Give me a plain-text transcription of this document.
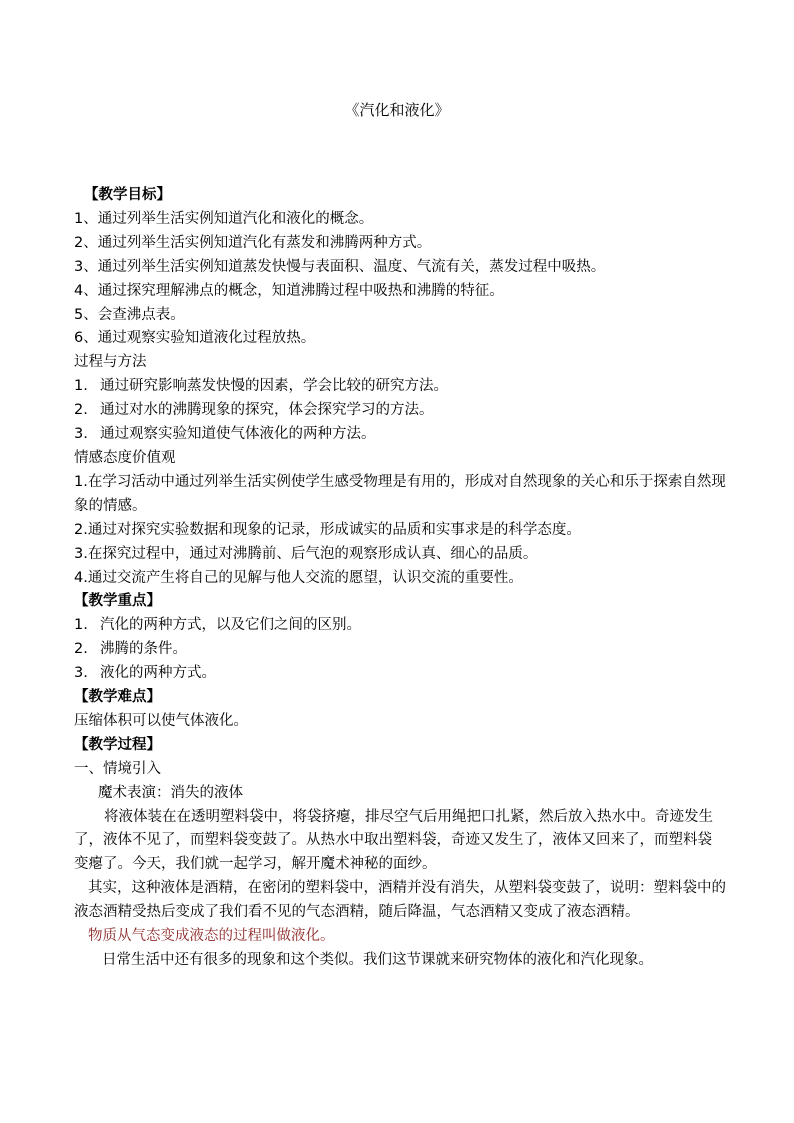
《汽化和液化》
【教学目标】
1、通过列举生活实例知道汽化和液化的概念。
2、通过列举生活实例知道汽化有蒸发和沸腾两种方式。
3、通过列举生活实例知道蒸发快慢与表面积、温度、气流有关，蒸发过程中吸热。
4、通过探究理解沸点的概念，知道沸腾过程中吸热和沸腾的特征。
5、会查沸点表。
6、通过观察实验知道液化过程放热。
过程与方法
1. 通过研究影响蒸发快慢的因素，学会比较的研究方法。
2. 通过对水的沸腾现象的探究，体会探究学习的方法。
3. 通过观察实验知道使气体液化的两种方法。
情感态度价值观
1.在学习活动中通过列举生活实例使学生感受物理是有用的，形成对自然现象的关心和乐于探索自然现象的情感。
2.通过对探究实验数据和现象的记录，形成诚实的品质和实事求是的科学态度。
3.在探究过程中，通过对沸腾前、后气泡的观察形成认真、细心的品质。
4.通过交流产生将自己的见解与他人交流的愿望，认识交流的重要性。
【教学重点】
1. 汽化的两种方式，以及它们之间的区别。
2. 沸腾的条件。
3. 液化的两种方式。
【教学难点】
压缩体积可以使气体液化。
【教学过程】
一、情境引入
魔术表演：消失的液体
将液体装在在透明塑料袋中，将袋挤瘪，排尽空气后用绳把口扎紧，然后放入热水中。奇迹发生了，液体不见了，而塑料袋变鼓了。从热水中取出塑料袋，奇迹又发生了，液体又回来了，而塑料袋变瘪了。今天，我们就一起学习，解开魔术神秘的面纱。
其实，这种液体是酒精，在密闭的塑料袋中，酒精并没有消失，从塑料袋变鼓了，说明：塑料袋中的液态酒精受热后变成了我们看不见的气态酒精，随后降温，气态酒精又变成了液态酒精。
物质从气态变成液态的过程叫做液化。
日常生活中还有很多的现象和这个类似。我们这节课就来研究物体的液化和汽化现象。
